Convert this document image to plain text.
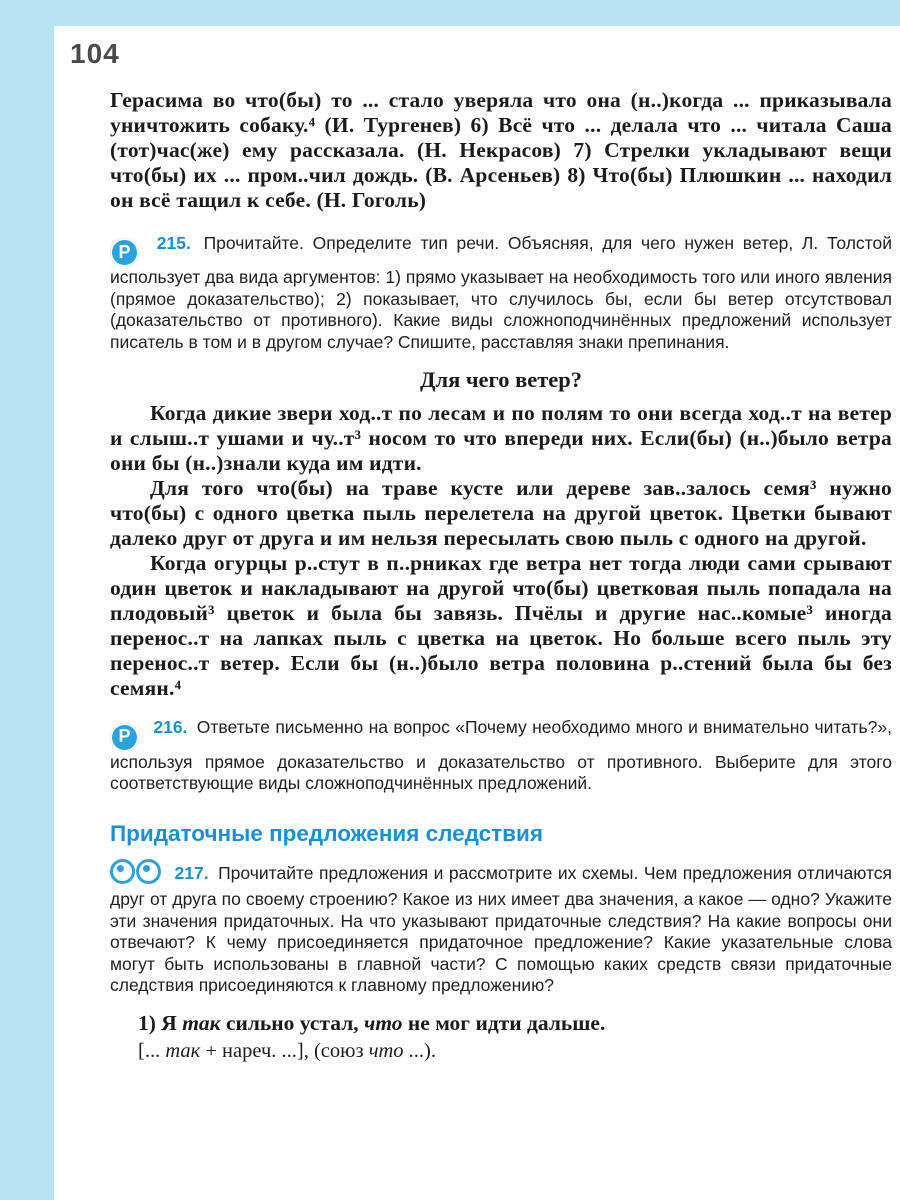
104

Герасима во что(бы) то ... стало уверяла что она (н..)когда ... приказывала уничтожить собаку.⁴ (И. Тургенев) 6) Всё что ... делала что ... читала Саша (тот)час(же) ему рассказала. (Н. Некрасов) 7) Стрелки укладывают вещи что(бы) их ... пром..чил дождь. (В. Арсеньев) 8) Что(бы) Плюшкин ... находил он всё тащил к себе. (Н. Гоголь)

Р 215. Прочитайте. Определите тип речи. Объясняя, для чего нужен ветер, Л. Толстой использует два вида аргументов: 1) прямо указывает на необходимость того или иного явления (прямое доказательство); 2) показывает, что случилось бы, если бы ветер отсутствовал (доказательство от противного). Какие виды сложноподчинённых предложений использует писатель в том и в другом случае? Спишите, расставляя знаки препинания.

Для чего ветер?

Когда дикие звери ход..т по лесам и по полям то они всегда ход..т на ветер и слыш..т ушами и чу..т³ носом то что впереди них. Если(бы) (н..)было ветра они бы (н..)знали куда им идти.

Для того что(бы) на траве кусте или дереве зав..залось семя³ нужно что(бы) с одного цветка пыль перелетела на другой цветок. Цветки бывают далеко друг от друга и им нельзя пересылать свою пыль с одного на другой.

Когда огурцы р..стут в п..рниках где ветра нет тогда люди сами срывают один цветок и накладывают на другой что(бы) цветковая пыль попадала на плодовый³ цветок и была бы завязь. Пчёлы и другие нас..комые³ иногда перенос..т на лапках пыль с цветка на цветок. Но больше всего пыль эту перенос..т ветер. Если бы (н..)было ветра половина р..стений была бы без семян.⁴

Р 216. Ответьте письменно на вопрос «Почему необходимо много и внимательно читать?», используя прямое доказательство и доказательство от противного. Выберите для этого соответствующие виды сложноподчинённых предложений.

Придаточные предложения следствия

217. Прочитайте предложения и рассмотрите их схемы. Чем предложения отличаются друг от друга по своему строению? Какое из них имеет два значения, а какое — одно? Укажите эти значения придаточных. На что указывают придаточные следствия? На какие вопросы они отвечают? К чему присоединяется придаточное предложение? Какие указательные слова могут быть использованы в главной части? С помощью каких средств связи придаточные следствия присоединяются к главному предложению?

1) Я так сильно устал, что не мог идти дальше.

[... так + нареч. ...], (союз что ...).
